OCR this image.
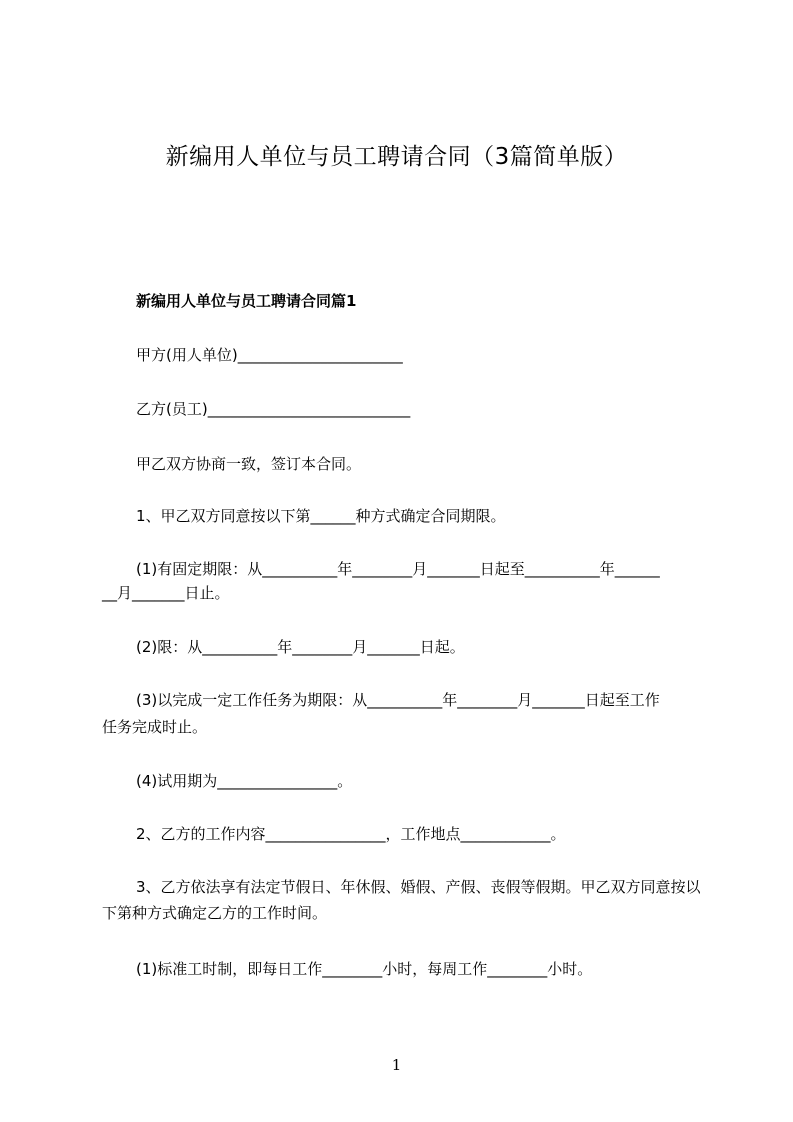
新编用人单位与员工聘请合同（3篇简单版）
新编用人单位与员工聘请合同篇1
甲方(用人单位)______________________
乙方(员工)___________________________
甲乙双方协商一致，签订本合同。
1、甲乙双方同意按以下第______种方式确定合同期限。
(1)有固定期限：从__________年________月_______日起至__________年______
__月_______日止。
(2)限：从__________年________月_______日起。
(3)以完成一定工作任务为期限：从__________年________月_______日起至工作
任务完成时止。
(4)试用期为________________。
2、乙方的工作内容________________，工作地点____________。
3、乙方依法享有法定节假日、年休假、婚假、产假、丧假等假期。甲乙双方同意按以下第种方式确定乙方的工作时间。
(1)标准工时制，即每日工作________小时，每周工作________小时。
1
